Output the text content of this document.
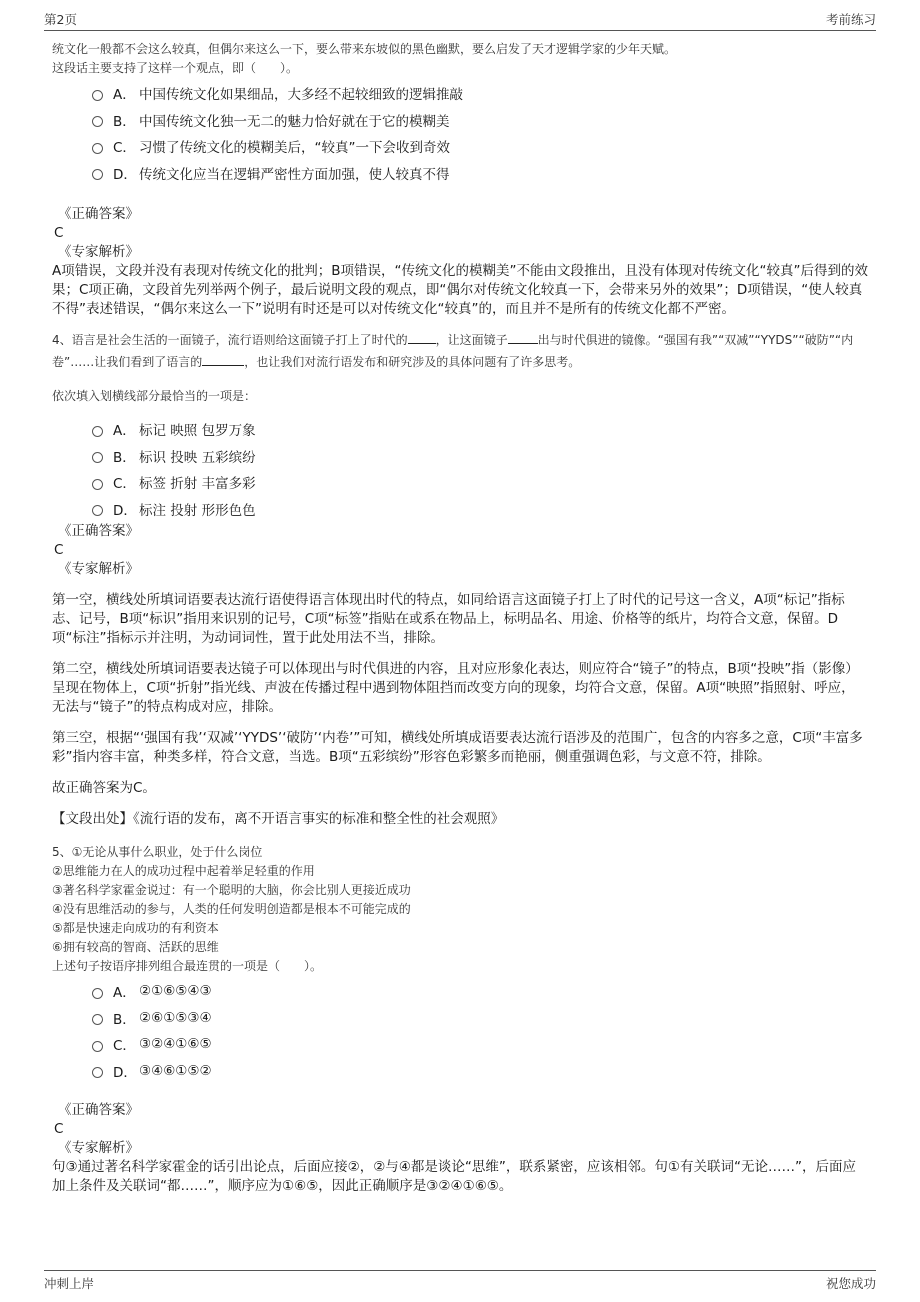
第2页	考前练习
统文化一般都不会这么较真，但偶尔来这么一下，要么带来东坡似的黑色幽默，要么启发了天才逻辑学家的少年天赋。
这段话主要支持了这样一个观点，即（　　）。
A． 中国传统文化如果细品，大多经不起较细致的逻辑推敲
B． 中国传统文化独一无二的魅力恰好就在于它的模糊美
C． 习惯了传统文化的模糊美后，“较真”一下会收到奇效
D． 传统文化应当在逻辑严密性方面加强，使人较真不得
《正确答案》
C
《专家解析》
A项错误，文段并没有表现对传统文化的批判；B项错误，“传统文化的模糊美”不能由文段推出，且没有体现对传统文化“较真”后得到的效果；C项正确，文段首先列举两个例子，最后说明文段的观点，即“偶尔对传统文化较真一下，会带来另外的效果”；D项错误，“使人较真不得”表述错误，“偶尔来这么一下”说明有时还是可以对传统文化“较真”的，而且并不是所有的传统文化都不严密。
4、语言是社会生活的一面镜子，流行语则给这面镜子打上了时代的 ，让这面镜子	出与时代俱进的镜像。“强国有我”“双减”“YYDS”“破防”“内卷”……让我们看到了语言的	，也让我们对流行语发布和研究涉及的具体问题有了许多思考。
依次填入划横线部分最恰当的一项是：
A． 标记 映照 包罗万象
B． 标识 投映 五彩缤纷
C． 标签 折射 丰富多彩
D． 标注 投射 形形色色
《正确答案》
C
《专家解析》
第一空，横线处所填词语要表达流行语使得语言体现出时代的特点，如同给语言这面镜子打上了时代的记号这一含义，A项“标记”指标志、记号，B项“标识”指用来识别的记号，C项“标签”指贴在或系在物品上，标明品名、用途、价格等的纸片，均符合文意，保留。D项“标注”指标示并注明，为动词词性，置于此处用法不当，排除。
第二空，横线处所填词语要表达镜子可以体现出与时代俱进的内容，且对应形象化表达，则应符合“镜子”的特点，B项“投映”指（影像）呈现在物体上，C项“折射”指光线、声波在传播过程中遇到物体阻挡而改变方向的现象，均符合文意，保留。A项“映照”指照射、呼应，无法与“镜子”的特点构成对应，排除。
第三空，根据“‘强国有我’‘双减’‘YYDS’‘破防’‘内卷’”可知，横线处所填成语要表达流行语涉及的范围广，包含的内容多之意，C项“丰富多彩”指内容丰富，种类多样，符合文意，当选。B项“五彩缤纷”形容色彩繁多而艳丽，侧重强调色彩，与文意不符，排除。
故正确答案为C。
【文段出处】《流行语的发布，离不开语言事实的标准和整全性的社会观照》
5、①无论从事什么职业，处于什么岗位
②思维能力在人的成功过程中起着举足轻重的作用
③著名科学家霍金说过：有一个聪明的大脑，你会比别人更接近成功
④没有思维活动的参与，人类的任何发明创造都是根本不可能完成的
⑤都是快速走向成功的有利资本
⑥拥有较高的智商、活跃的思维
上述句子按语序排列组合最连贯的一项是（　　）。
A． ②①⑥⑤④③
B． ②⑥①⑤③④
C． ③②④①⑥⑤
D． ③④⑥①⑤②
《正确答案》
C
《专家解析》
句③通过著名科学家霍金的话引出论点，后面应接②，②与④都是谈论“思维”，联系紧密，应该相邻。句①有关联词“无论……”，后面应加上条件及关联词“都……”，顺序应为①⑥⑤，因此正确顺序是③②④①⑥⑤。
冲刺上岸	祝您成功
